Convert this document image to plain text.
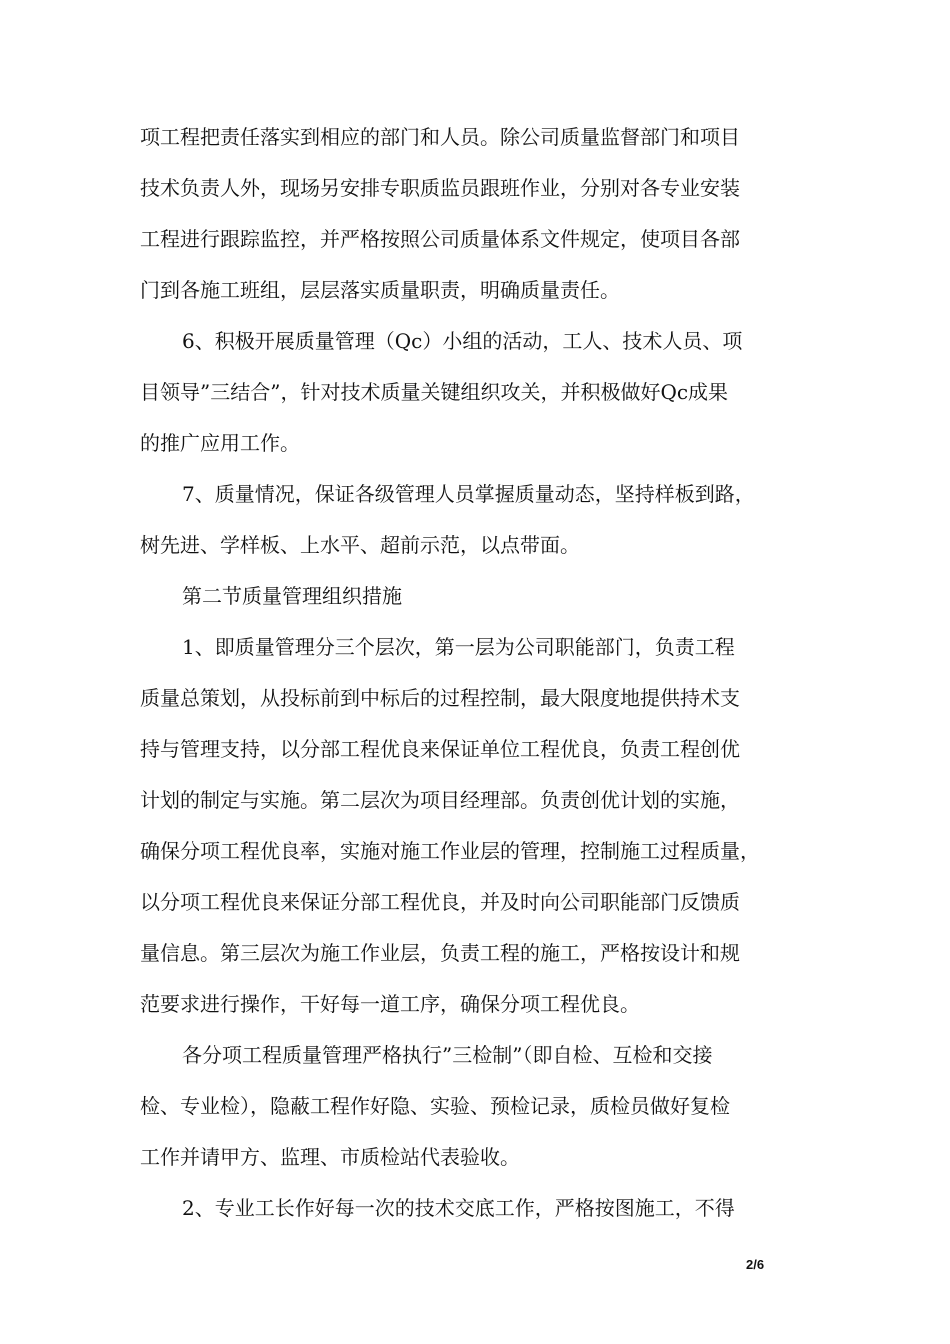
项工程把责任落实到相应的部门和人员。除公司质量监督部门和项目
技术负责人外，现场另安排专职质监员跟班作业，分别对各专业安装
工程进行跟踪监控，并严格按照公司质量体系文件规定，使项目各部
门到各施工班组，层层落实质量职责，明确质量责任。
6、积极开展质量管理（Qc）小组的活动，工人、技术人员、项
目领导”三结合”，针对技术质量关键组织攻关，并积极做好Qc成果
的推广应用工作。
7、质量情况，保证各级管理人员掌握质量动态，坚持样板到路，
树先进、学样板、上水平、超前示范，以点带面。
第二节质量管理组织措施
1、即质量管理分三个层次，第一层为公司职能部门，负责工程
质量总策划，从投标前到中标后的过程控制，最大限度地提供持术支
持与管理支持，以分部工程优良来保证单位工程优良，负责工程创优
计划的制定与实施。第二层次为项目经理部。负责创优计划的实施，
确保分项工程优良率，实施对施工作业层的管理，控制施工过程质量，
以分项工程优良来保证分部工程优良，并及时向公司职能部门反馈质
量信息。第三层次为施工作业层，负责工程的施工，严格按设计和规
范要求进行操作，干好每一道工序，确保分项工程优良。
各分项工程质量管理严格执行”三检制”（即自检、互检和交接
检、专业检），隐蔽工程作好隐、实验、预检记录，质检员做好复检
工作并请甲方、监理、市质检站代表验收。
2、专业工长作好每一次的技术交底工作，严格按图施工，不得
2/6
